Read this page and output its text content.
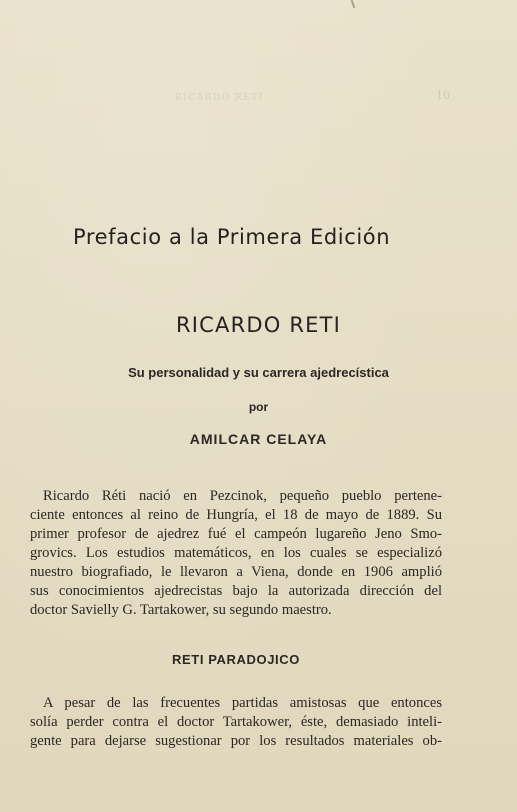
RICARDO RETI	10
Prefacio a la Primera Edición
RICARDO RETI
Su personalidad y su carrera ajedrecística
por
AMILCAR CELAYA
Ricardo Réti nació en Pezcinok, pequeño pueblo pertene-
ciente entonces al reino de Hungría, el 18 de mayo de 1889. Su
primer profesor de ajedrez fué el campeón lugareño Jeno Smo-
grovics. Los estudios matemáticos, en los cuales se especializó
nuestro biografiado, le llevaron a Viena, donde en 1906 amplió
sus conocimientos ajedrecistas bajo la autorizada dirección del
doctor Savielly G. Tartakower, su segundo maestro.
RETI PARADOJICO
A pesar de las frecuentes partidas amistosas que entonces
solía perder contra el doctor Tartakower, éste, demasiado inteli-
gente para dejarse sugestionar por los resultados materiales ob-
